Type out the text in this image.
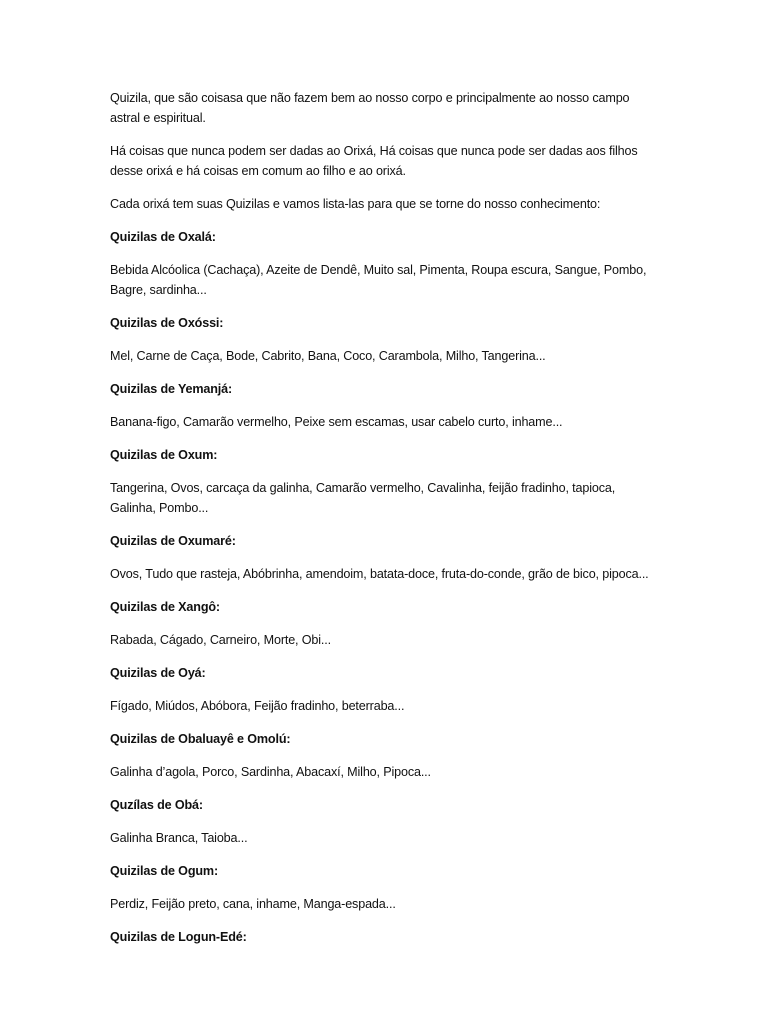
Quizila, que são coisasa que não fazem bem ao nosso corpo e principalmente ao nosso campo astral e espiritual.

Há coisas que nunca podem ser dadas ao Orixá, Há coisas que nunca pode ser dadas aos filhos desse orixá e há coisas em comum ao filho e ao orixá.

Cada orixá tem suas Quizilas e vamos lista-las para que se torne do nosso conhecimento:

Quizilas de Oxalá:

Bebida Alcóolica (Cachaça), Azeite de Dendê, Muito sal, Pimenta, Roupa escura, Sangue, Pombo, Bagre, sardinha...

Quizilas de Oxóssi:

Mel, Carne de Caça, Bode, Cabrito, Bana, Coco, Carambola, Milho, Tangerina...

Quizilas de Yemanjá:

Banana-figo, Camarão vermelho, Peixe sem escamas, usar cabelo curto, inhame...

Quizilas de Oxum:

Tangerina, Ovos, carcaça da galinha, Camarão vermelho, Cavalinha, feijão fradinho, tapioca, Galinha, Pombo...

Quizilas de Oxumaré:

Ovos, Tudo que rasteja, Abóbrinha, amendoim, batata-doce, fruta-do-conde, grão de bico, pipoca...

Quizilas de Xangô:

Rabada, Cágado, Carneiro, Morte, Obi...

Quizilas de Oyá:

Fígado, Miúdos, Abóbora, Feijão fradinho, beterraba...

Quizilas de Obaluayê e Omolú:

Galinha d’agola, Porco, Sardinha, Abacaxí, Milho, Pipoca...

Quzílas de Obá:

Galinha Branca, Taioba...

Quizilas de Ogum:

Perdiz, Feijão preto, cana, inhame, Manga-espada...

Quizilas de Logun-Edé:
